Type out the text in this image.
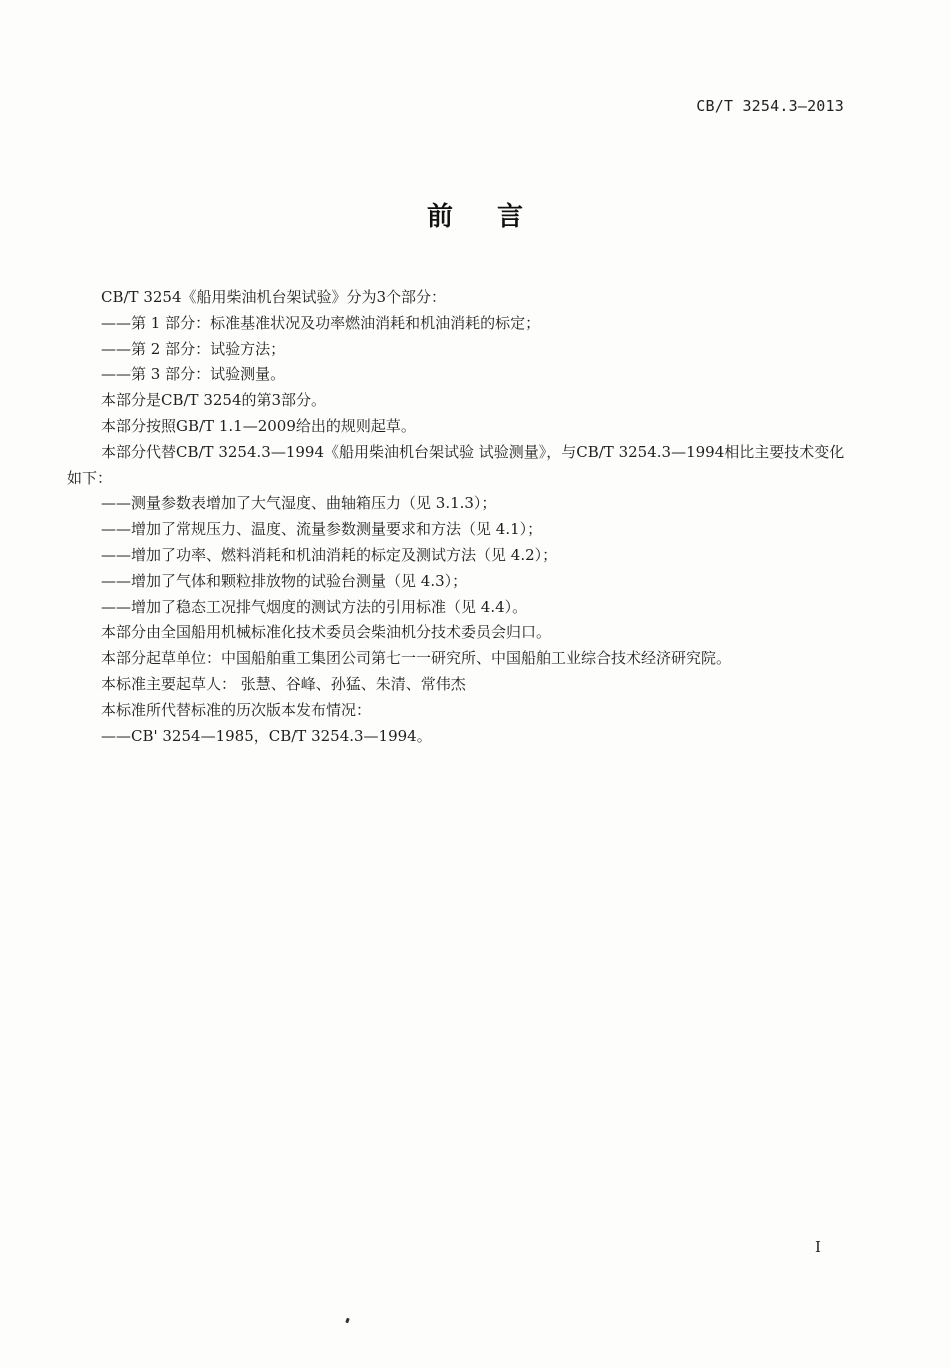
CB/T 3254.3—2013
前言

CB/T 3254《船用柴油机台架试验》分为3个部分：

——第 1 部分：标准基准状况及功率燃油消耗和机油消耗的标定；

——第 2 部分：试验方法；

——第 3 部分：试验测量。

本部分是CB/T 3254的第3部分。

本部分按照GB/T 1.1—2009给出的规则起草。

本部分代替CB/T 3254.3—1994《船用柴油机台架试验 试验测量》，与CB/T 3254.3—1994相比主要技术变化如下：

——测量参数表增加了大气湿度、曲轴箱压力（见 3.1.3）；

——增加了常规压力、温度、流量参数测量要求和方法（见 4.1）；

——增加了功率、燃料消耗和机油消耗的标定及测试方法（见 4.2）；

——增加了气体和颗粒排放物的试验台测量（见 4.3）；

——增加了稳态工况排气烟度的测试方法的引用标准（见 4.4）。

本部分由全国船用机械标准化技术委员会柴油机分技术委员会归口。

本部分起草单位：中国船舶重工集团公司第七一一研究所、中国船舶工业综合技术经济研究院。

本标准主要起草人： 张慧、谷峰、孙猛、朱清、常伟杰

本标准所代替标准的历次版本发布情况：

——CB' 3254—1985，CB/T 3254.3—1994。

I
